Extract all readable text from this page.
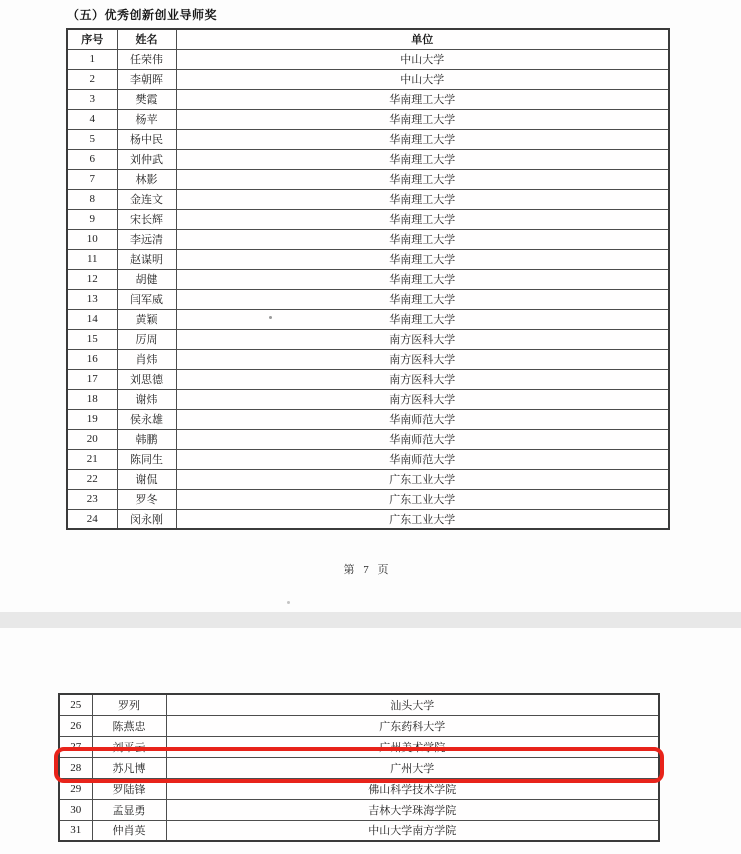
（五）优秀创新创业导师奖
序号	姓名	单位
1	任荣伟	中山大学
2	李朝晖	中山大学
3	樊霞	华南理工大学
4	杨苹	华南理工大学
5	杨中民	华南理工大学
6	刘仲武	华南理工大学
7	林影	华南理工大学
8	金连文	华南理工大学
9	宋长辉	华南理工大学
10	李远清	华南理工大学
11	赵谋明	华南理工大学
12	胡健	华南理工大学
13	闫军威	华南理工大学
14	黄颖	华南理工大学
15	厉周	南方医科大学
16	肖炜	南方医科大学
17	刘思德	南方医科大学
18	谢炜	南方医科大学
19	侯永雄	华南师范大学
20	韩鹏	华南师范大学
21	陈同生	华南师范大学
22	谢侃	广东工业大学
23	罗冬	广东工业大学
24	闵永刚	广东工业大学
第 7 页
25	罗列	汕头大学
26	陈燕忠	广东药科大学
27	刘平云	广州美术学院
28	苏凡博	广州大学
29	罗陆锋	佛山科学技术学院
30	孟显勇	吉林大学珠海学院
31	仲肖英	中山大学南方学院
